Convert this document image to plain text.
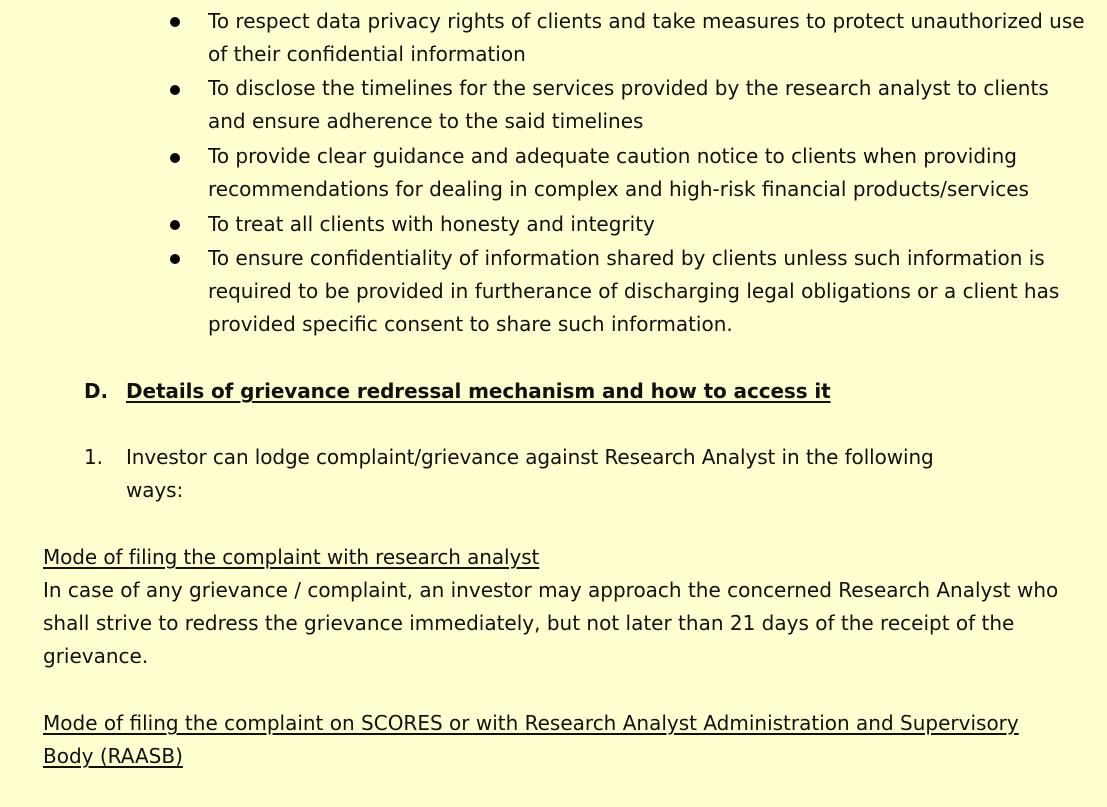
To respect data privacy rights of clients and take measures to protect unauthorized use of their confidential information
To disclose the timelines for the services provided by the research analyst to clients and ensure adherence to the said timelines
To provide clear guidance and adequate caution notice to clients when providing recommendations for dealing in complex and high-risk financial products/services
To treat all clients with honesty and integrity
To ensure confidentiality of information shared by clients unless such information is required to be provided in furtherance of discharging legal obligations or a client has provided specific consent to share such information.
D. Details of grievance redressal mechanism and how to access it
1. Investor can lodge complaint/grievance against Research Analyst in the following
ways:
Mode of filing the complaint with research analyst
In case of any grievance / complaint, an investor may approach the concerned Research Analyst who shall strive to redress the grievance immediately, but not later than 21 days of the receipt of the grievance.
Mode of filing the complaint on SCORES or with Research Analyst Administration and Supervisory Body (RAASB)
